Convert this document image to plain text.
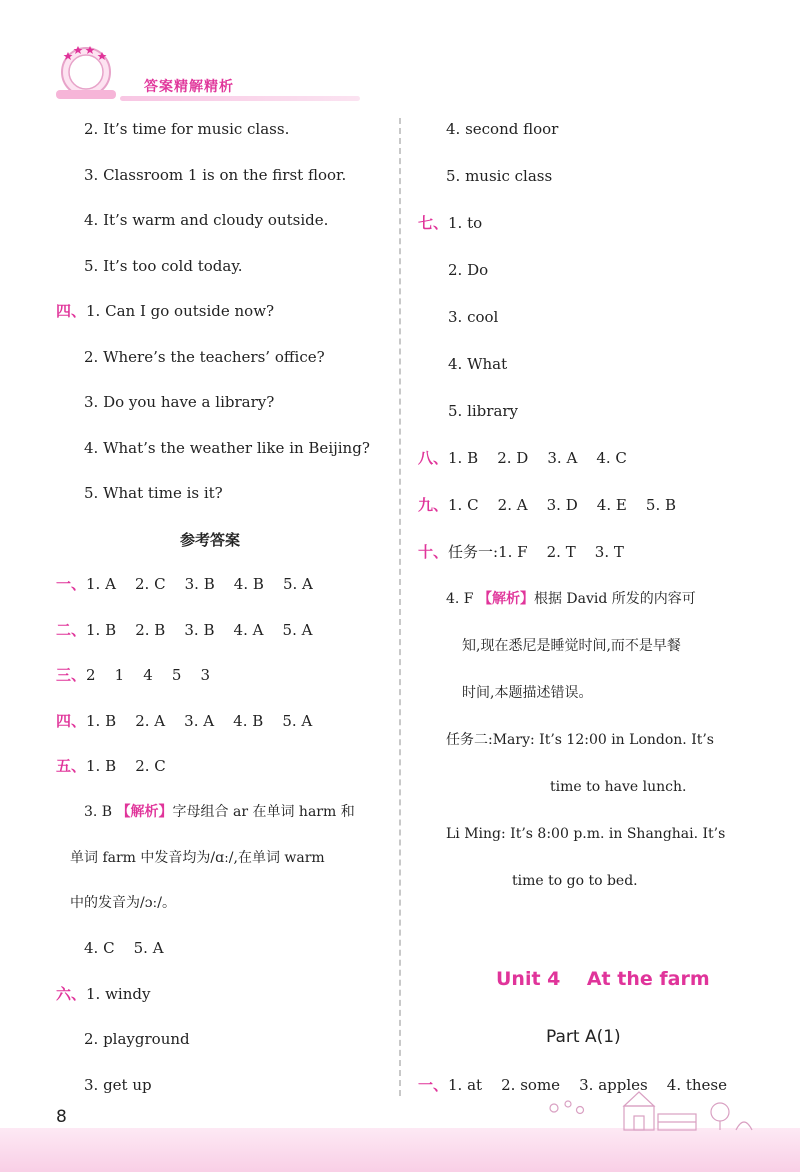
答案精解精析
2. It’s time for music class.
3. Classroom 1 is on the first floor.
4. It’s warm and cloudy outside.
5. It’s too cold today.
四、1. Can I go outside now?
2. Where’s the teachers’ office?
3. Do you have a library?
4. What’s the weather like in Beijing?
5. What time is it?
参考答案
一、1. A    2. C    3. B    4. B    5. A
二、1. B    2. B    3. B    4. A    5. A
三、2    1    4    5    3
四、1. B    2. A    3. A    4. B    5. A
五、1. B    2. C
3. B 【解析】字母组合 ar 在单词 harm 和
单词 farm 中发音均为/ɑː/,在单词 warm
中的发音为/ɔː/。
4. C    5. A
六、1. windy
2. playground
3. get up
4. second floor
5. music class
七、1. to
2. Do
3. cool
4. What
5. library
八、1. B    2. D    3. A    4. C
九、1. C    2. A    3. D    4. E    5. B
十、任务一:1. F    2. T    3. T
4. F 【解析】根据 David 所发的内容可
知,现在悉尼是睡觉时间,而不是早餐
时间,本题描述错误。
任务二:Mary: It’s 12:00 in London. It’s
time to have lunch.
Li Ming: It’s 8:00 p.m. in Shanghai. It’s
time to go to bed.
Unit 4    At the farm
Part A(1)
一、1. at    2. some    3. apples    4. these
8
